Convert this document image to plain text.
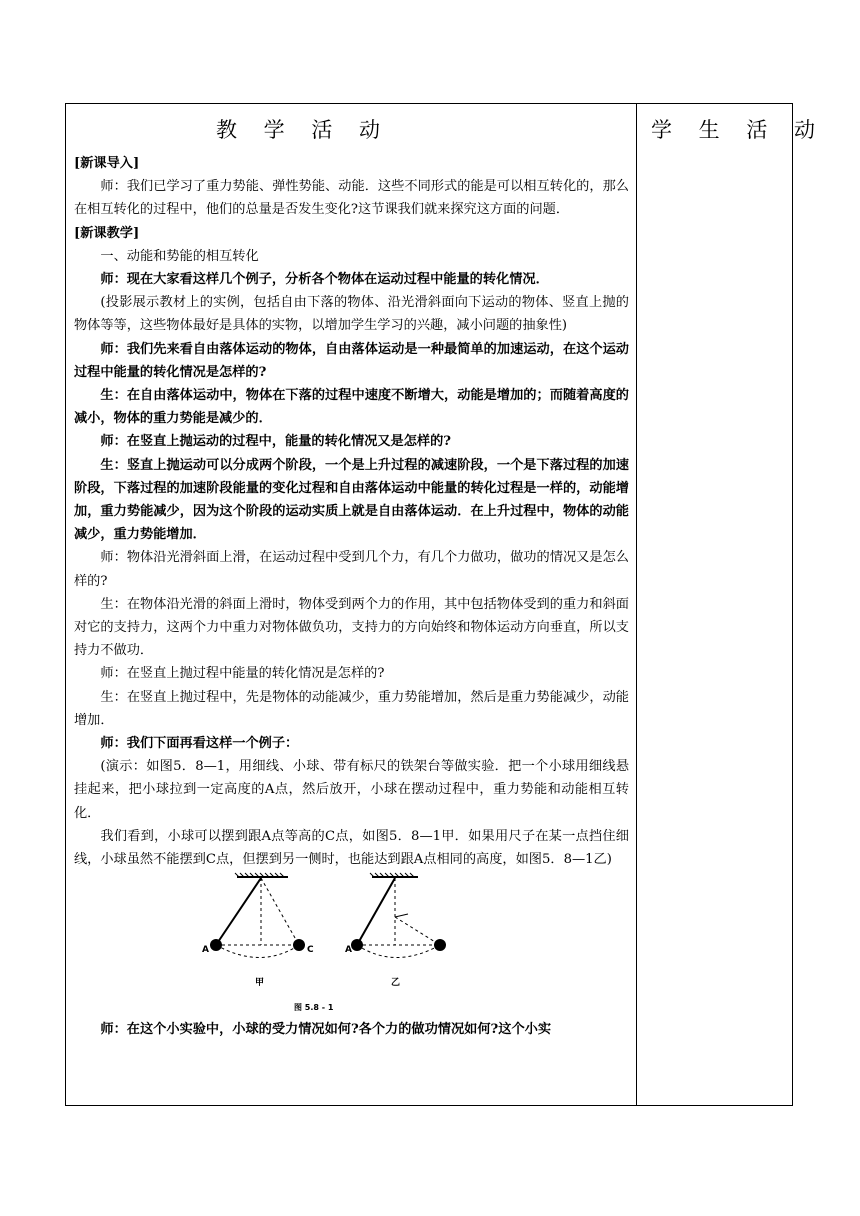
教 学 活 动

[新课导入]

师：我们已学习了重力势能、弹性势能、动能．这些不同形式的能是可以相互转化的，那么在相互转化的过程中，他们的总量是否发生变化?这节课我们就来探究这方面的问题．

[新课教学]

一、动能和势能的相互转化

师：现在大家看这样几个例子，分析各个物体在运动过程中能量的转化情况．

(投影展示教材上的实例，包括自由下落的物体、沿光滑斜面向下运动的物体、竖直上抛的物体等等，这些物体最好是具体的实物，以增加学生学习的兴趣，减小问题的抽象性)

师：我们先来看自由落体运动的物体，自由落体运动是一种最简单的加速运动，在这个运动过程中能量的转化情况是怎样的?

生：在自由落体运动中，物体在下落的过程中速度不断增大，动能是增加的；而随着高度的减小，物体的重力势能是减少的．

师：在竖直上抛运动的过程中，能量的转化情况又是怎样的?

生：竖直上抛运动可以分成两个阶段，一个是上升过程的减速阶段，一个是下落过程的加速阶段，下落过程的加速阶段能量的变化过程和自由落体运动中能量的转化过程是一样的，动能增加，重力势能减少，因为这个阶段的运动实质上就是自由落体运动．在上升过程中，物体的动能减少，重力势能增加．

师：物体沿光滑斜面上滑，在运动过程中受到几个力，有几个力做功，做功的情况又是怎么样的?

生：在物体沿光滑的斜面上滑时，物体受到两个力的作用，其中包括物体受到的重力和斜面对它的支持力，这两个力中重力对物体做负功，支持力的方向始终和物体运动方向垂直，所以支持力不做功．

师：在竖直上抛过程中能量的转化情况是怎样的?

生：在竖直上抛过程中，先是物体的动能减少，重力势能增加，然后是重力势能减少，动能增加．

师：我们下面再看这样一个例子：

(演示：如图5．8—1，用细线、小球、带有标尺的铁架台等做实验．把一个小球用细线悬挂起来，把小球拉到一定高度的A点，然后放开，小球在摆动过程中，重力势能和动能相互转化．

我们看到，小球可以摆到跟A点等高的C点，如图5．8—1甲．如果用尺子在某一点挡住细线，小球虽然不能摆到C点，但摆到另一侧时，也能达到跟A点相同的高度，如图5．8—1乙)

A	C	A
甲	乙
图 5.8 - 1

师：在这个小实验中，小球的受力情况如何?各个力的做功情况如何?这个小实

学 生 活 动
